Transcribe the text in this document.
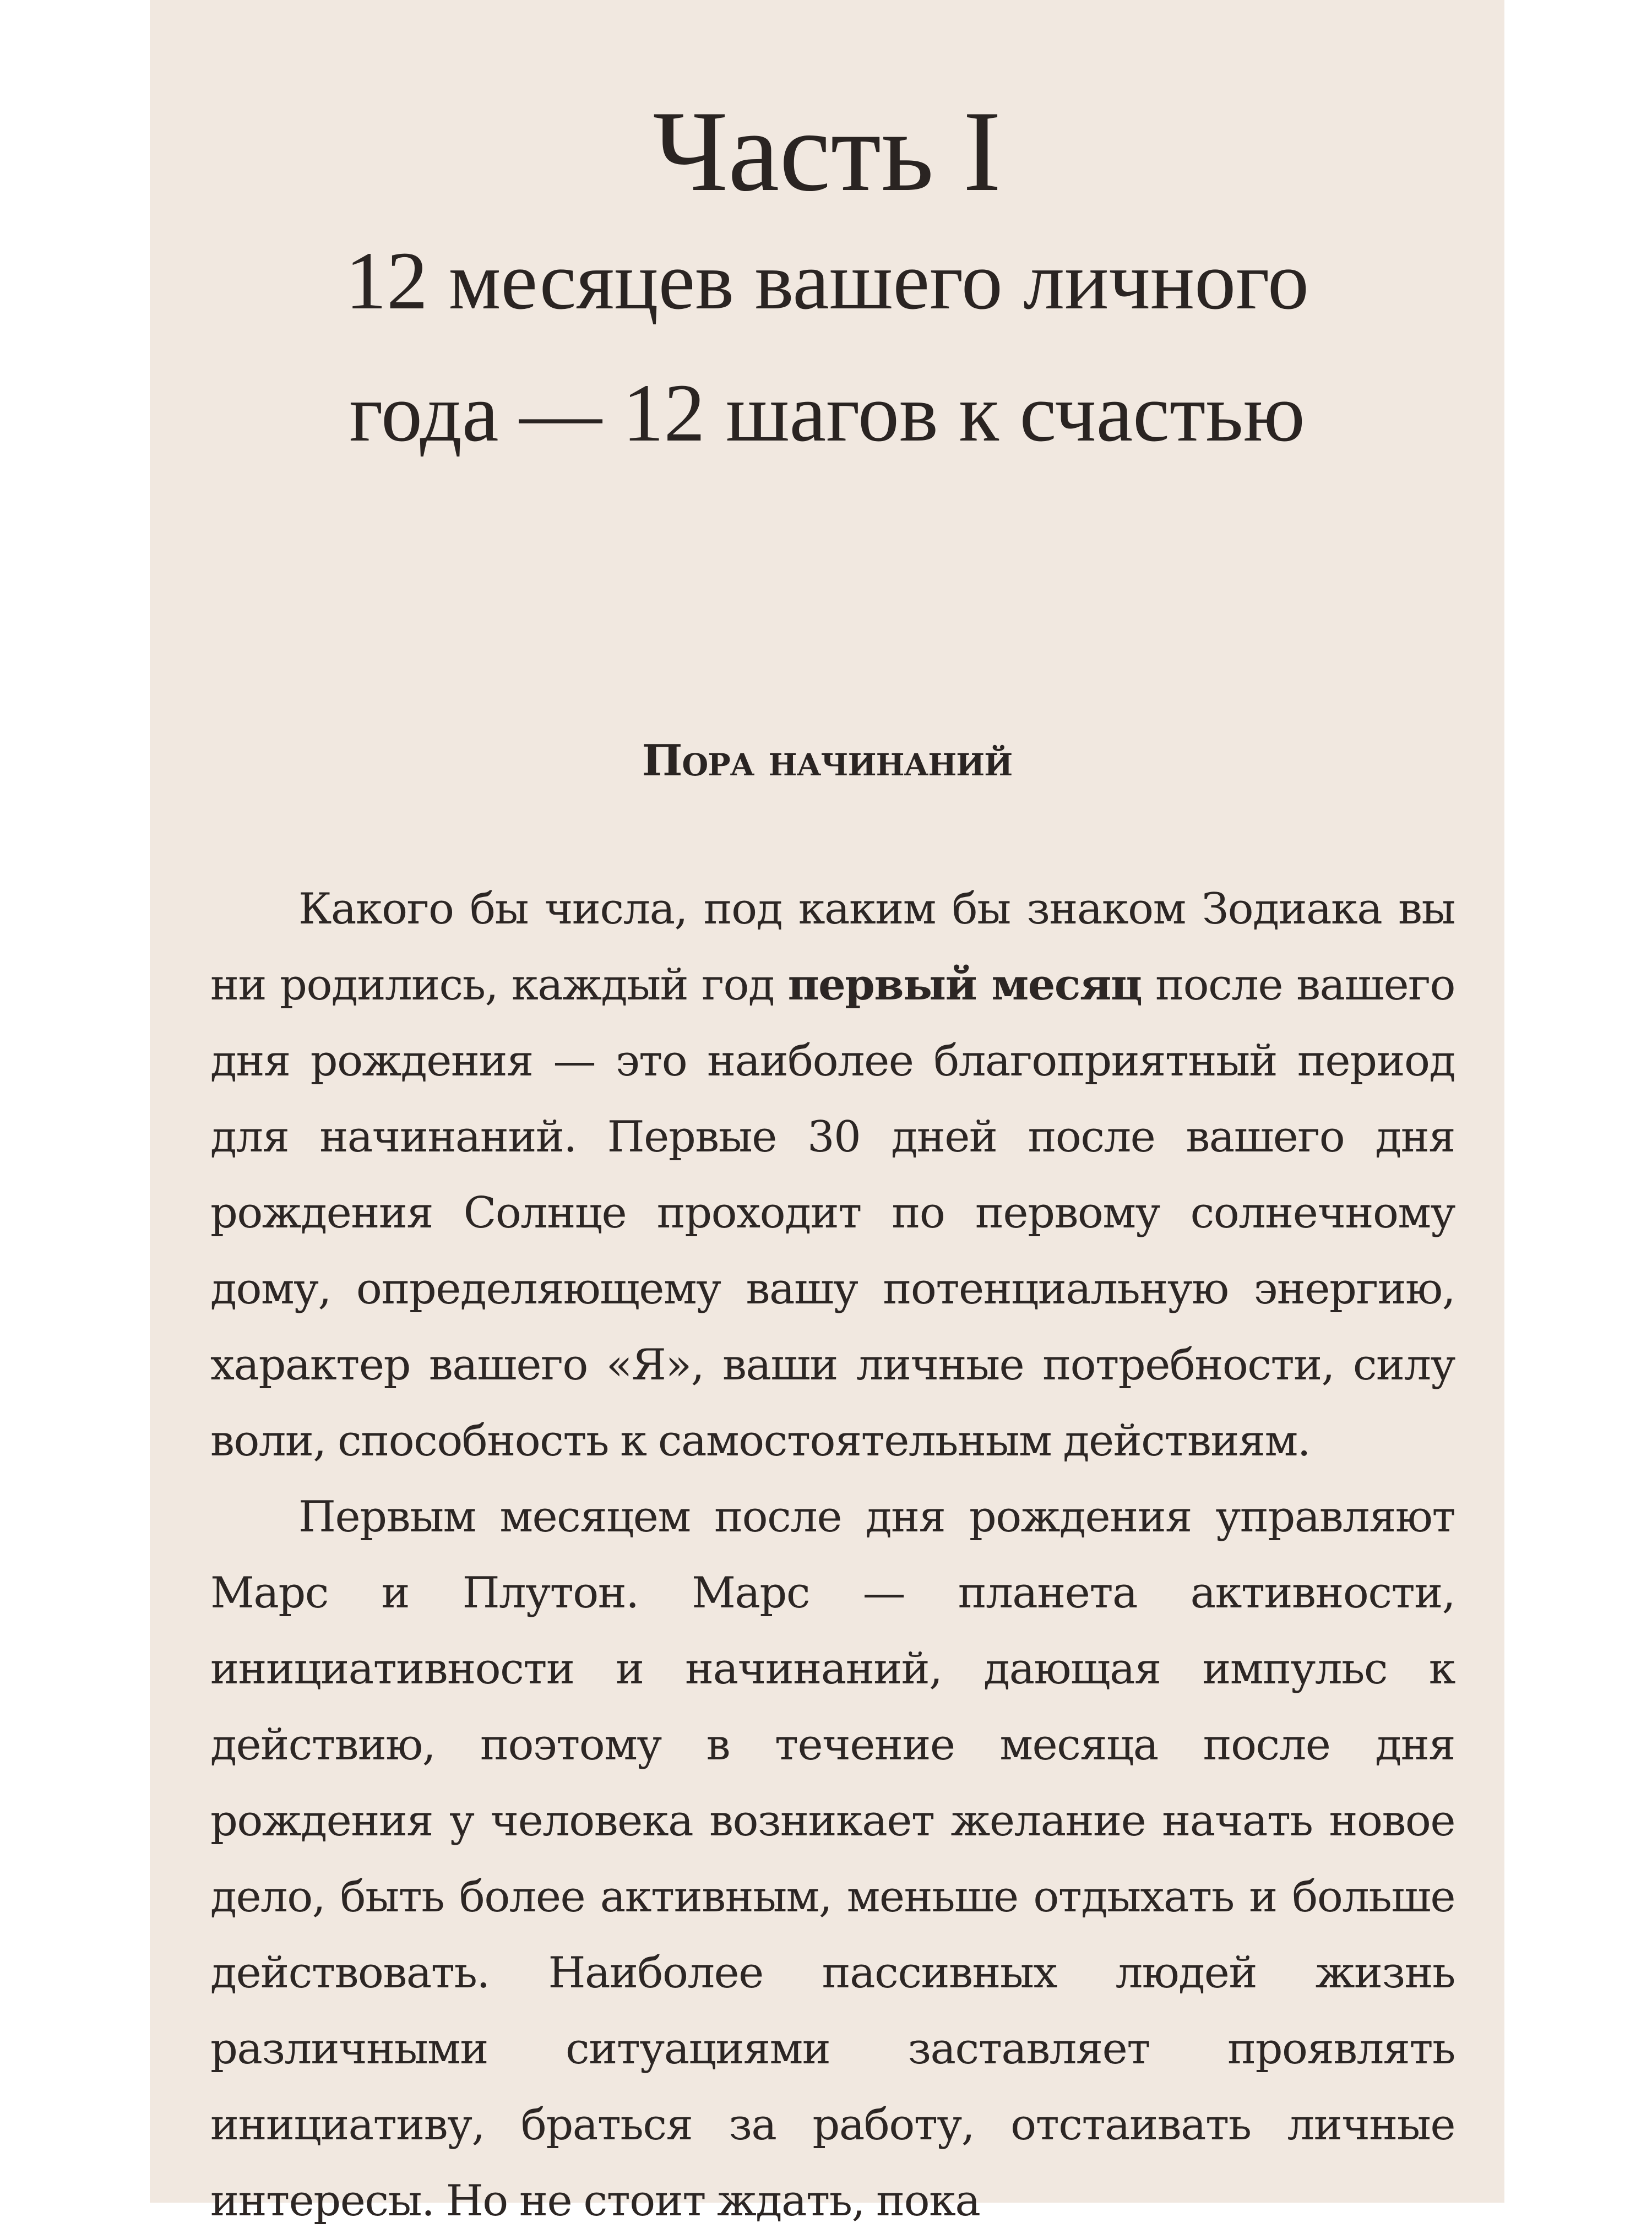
Часть I
12 месяцев вашего личного
года — 12 шагов к счастью
Пора начинаний

Какого бы числа, под каким бы знаком Зодиака вы ни родились, каждый год первый месяц после вашего дня рождения — это наиболее благоприятный период для начинаний. Первые 30 дней после вашего дня рождения Солнце проходит по первому солнечному дому, определяющему вашу потенциальную энергию, характер вашего «Я», ваши личные потребности, силу воли, способность к самостоятельным действиям.

Первым месяцем после дня рождения управляют Марс и Плутон. Марс — планета активности, инициативности и начинаний, дающая импульс к действию, поэтому в течение месяца после дня рождения у человека возникает желание начать новое дело, быть более активным, меньше отдыхать и больше действовать. Наиболее пассивных людей жизнь различными ситуациями заставляет проявлять инициативу, браться за работу, отстаивать личные интересы. Но не стоит ждать, пока
